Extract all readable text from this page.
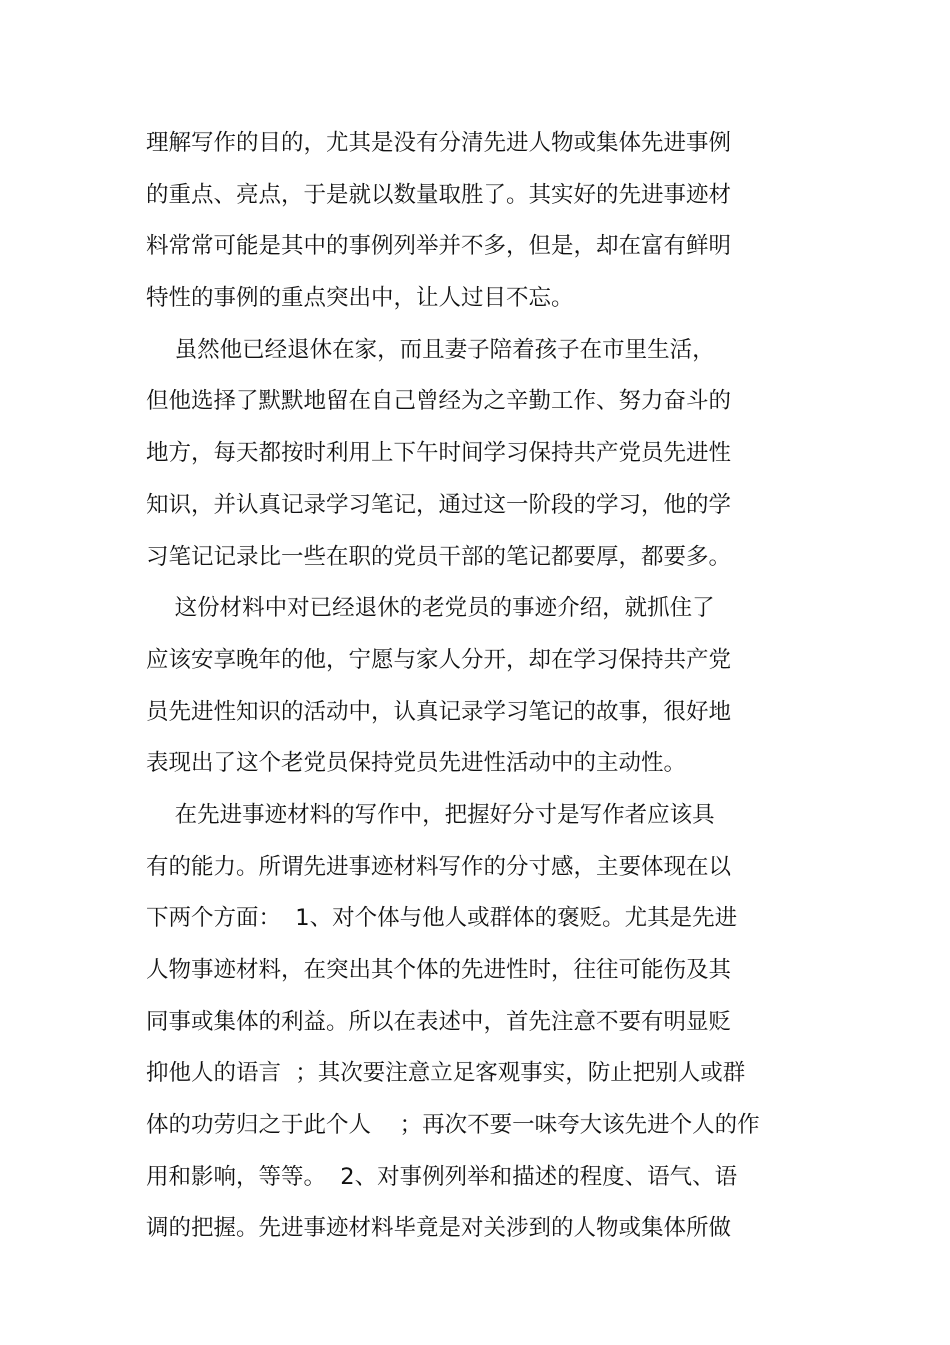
理解写作的目的，尤其是没有分清先进人物或集体先进事例

的重点、亮点，于是就以数量取胜了。其实好的先进事迹材

料常常可能是其中的事例列举并不多，但是，却在富有鲜明

特性的事例的重点突出中，让人过目不忘。

虽然他已经退休在家，而且妻子陪着孩子在市里生活，

但他选择了默默地留在自己曾经为之辛勤工作、努力奋斗的

地方，每天都按时利用上下午时间学习保持共产党员先进性

知识，并认真记录学习笔记，通过这一阶段的学习，他的学

习笔记记录比一些在职的党员干部的笔记都要厚，都要多。

这份材料中对已经退休的老党员的事迹介绍，就抓住了

应该安享晚年的他，宁愿与家人分开，却在学习保持共产党

员先进性知识的活动中，认真记录学习笔记的故事，很好地

表现出了这个老党员保持党员先进性活动中的主动性。

在先进事迹材料的写作中，把握好分寸是写作者应该具

有的能力。所谓先进事迹材料写作的分寸感，主要体现在以

下两个方面：  1、对个体与他人或群体的褒贬。尤其是先进

人物事迹材料，在突出其个体的先进性时，往往可能伤及其

同事或集体的利益。所以在表述中，首先注意不要有明显贬

抑他人的语言  ；其次要注意立足客观事实，防止把别人或群

体的功劳归之于此个人    ；再次不要一味夸大该先进个人的作

用和影响，等等。  2、对事例列举和描述的程度、语气、语

调的把握。先进事迹材料毕竟是对关涉到的人物或集体所做
